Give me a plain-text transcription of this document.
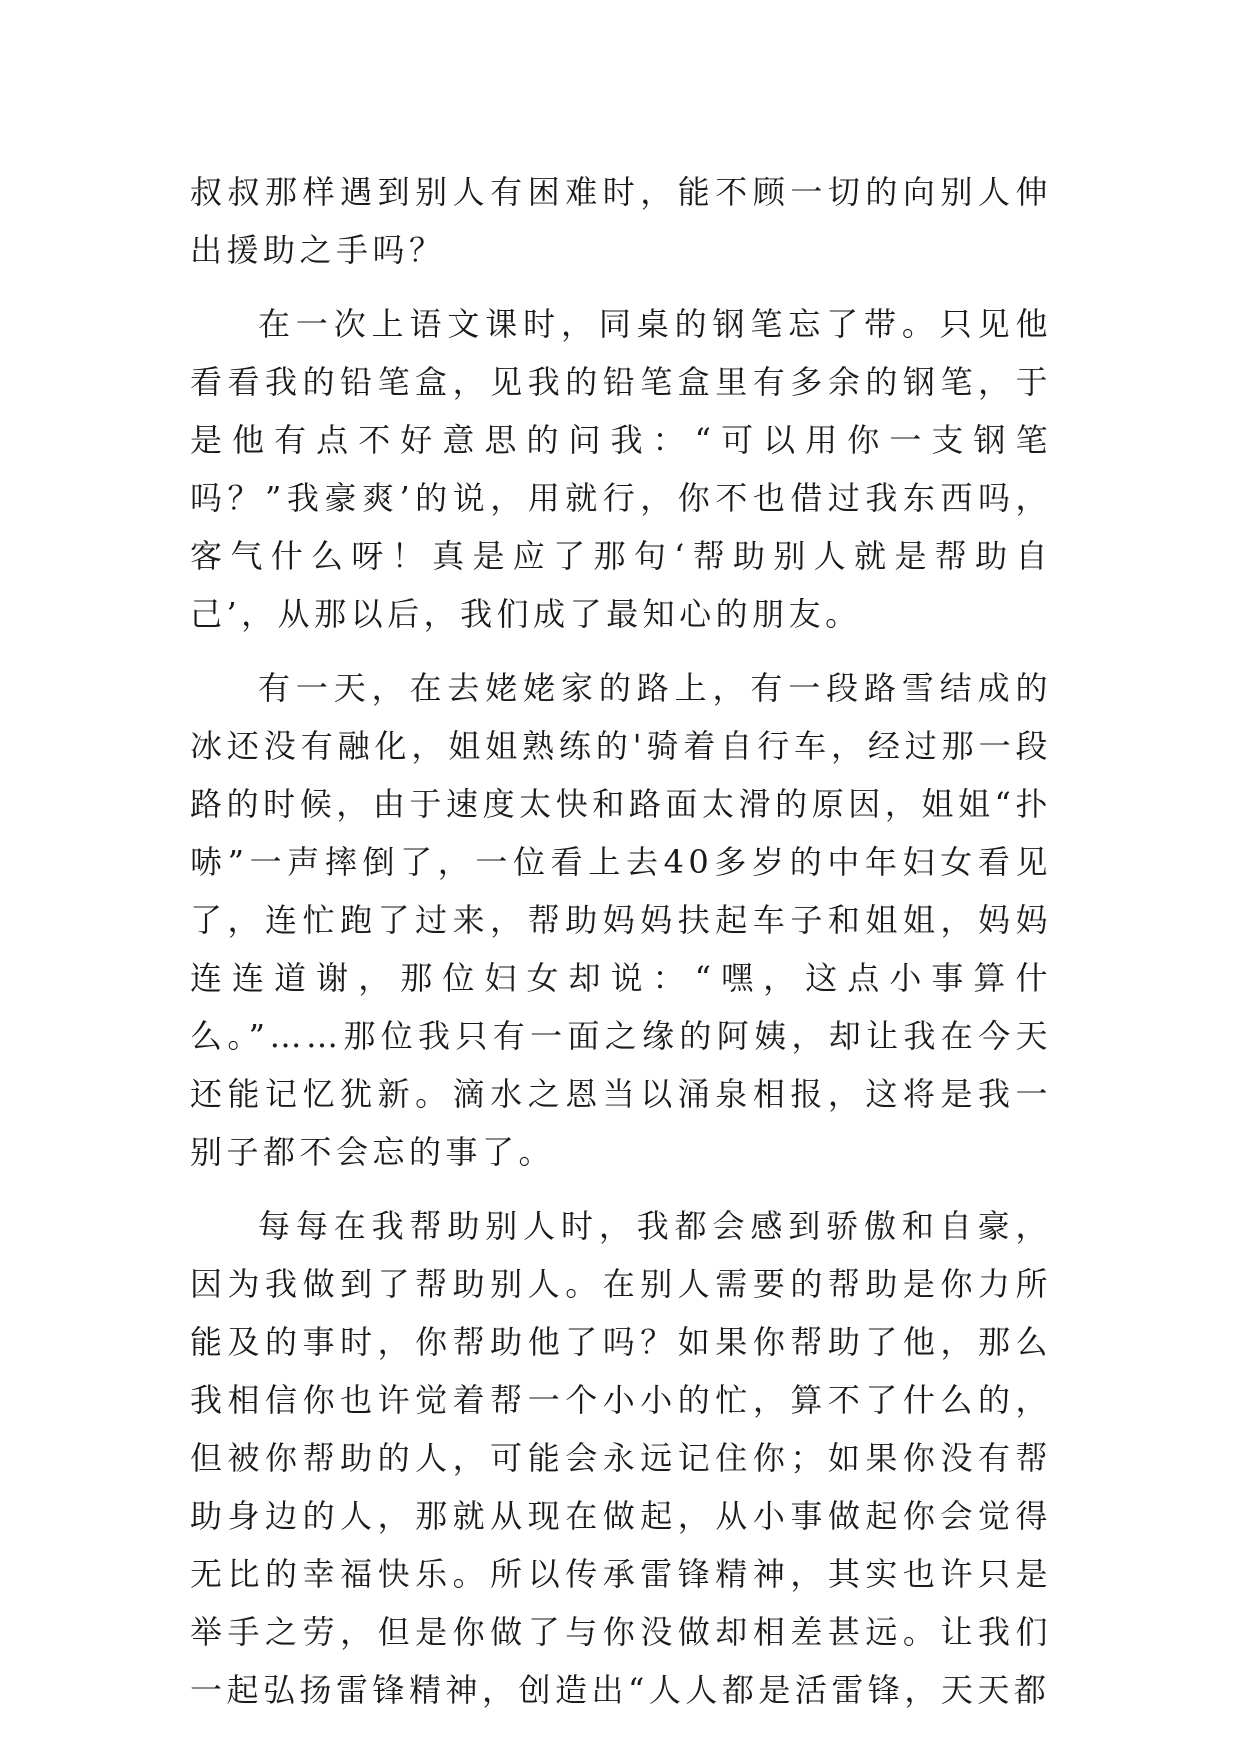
叔叔那样遇到别人有困难时，能不顾一切的向别人伸出援助之手吗？

在一次上语文课时，同桌的钢笔忘了带。只见他看看我的铅笔盒，见我的铅笔盒里有多余的钢笔，于是他有点不好意思的问我：“可以用你一支钢笔吗？”我豪爽’的说，用就行，你不也借过我东西吗，客气什么呀！真是应了那句‘帮助别人就是帮助自己’，从那以后，我们成了最知心的朋友。

有一天，在去姥姥家的路上，有一段路雪结成的冰还没有融化，姐姐熟练的'骑着自行车，经过那一段路的时候，由于速度太快和路面太滑的原因，姐姐“扑哧”一声摔倒了，一位看上去40多岁的中年妇女看见了，连忙跑了过来，帮助妈妈扶起车子和姐姐，妈妈连连道谢，那位妇女却说：“嘿，这点小事算什么。”……那位我只有一面之缘的阿姨，却让我在今天还能记忆犹新。滴水之恩当以涌泉相报，这将是我一别子都不会忘的事了。

每每在我帮助别人时，我都会感到骄傲和自豪，因为我做到了帮助别人。在别人需要的帮助是你力所能及的事时，你帮助他了吗？如果你帮助了他，那么我相信你也许觉着帮一个小小的忙，算不了什么的，但被你帮助的人，可能会永远记住你；如果你没有帮助身边的人，那就从现在做起，从小事做起你会觉得无比的幸福快乐。所以传承雷锋精神，其实也许只是举手之劳，但是你做了与你没做却相差甚远。让我们一起弘扬雷锋精神，创造出“人人都是活雷锋，天天都
